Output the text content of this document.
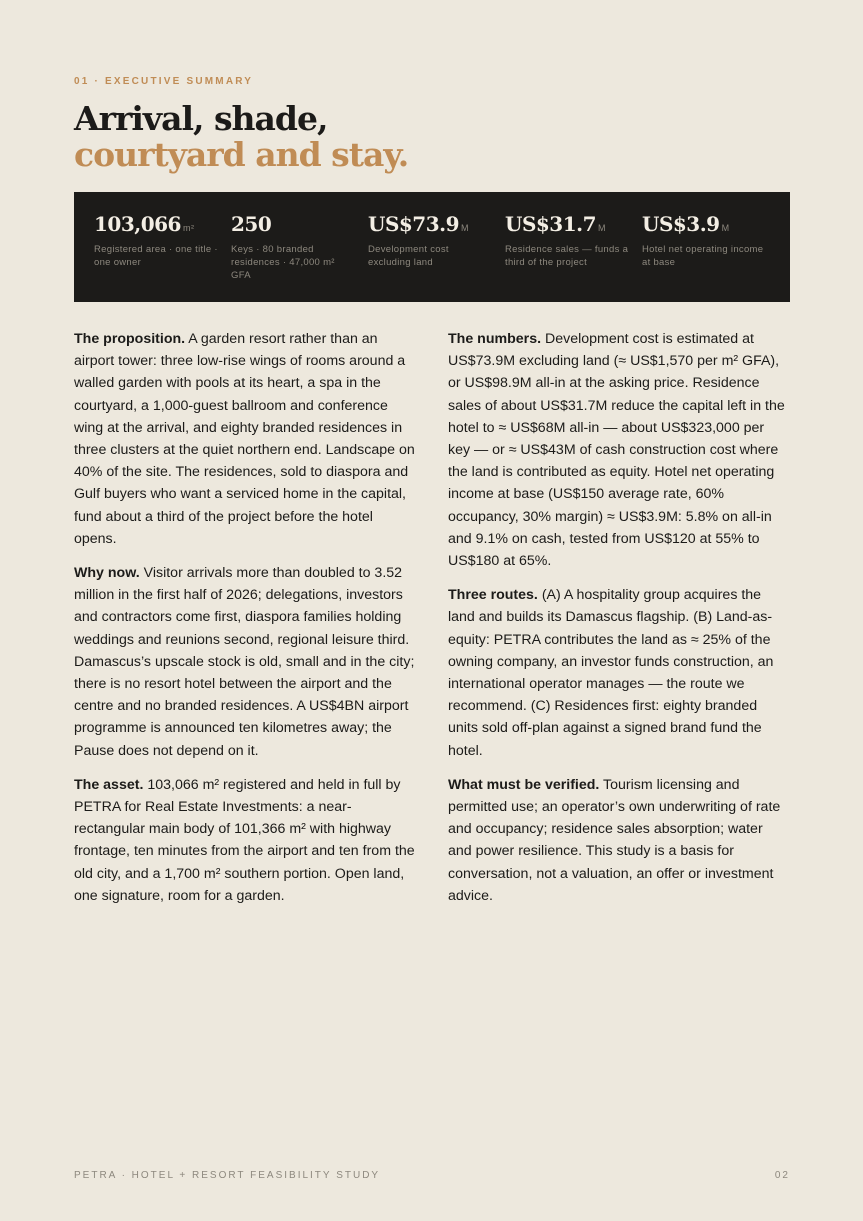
01 · EXECUTIVE SUMMARY
Arrival, shade,
courtyard and stay.
103,066 m²
Registered area · one title · one owner
250
Keys · 80 branded residences · 47,000 m² GFA
US$73.9 M
Development cost excluding land
US$31.7 M
Residence sales — funds a third of the project
US$3.9 M
Hotel net operating income at base

The proposition. A garden resort rather than an airport tower: three low-rise wings of rooms around a walled garden with pools at its heart, a spa in the courtyard, a 1,000-guest ballroom and conference wing at the arrival, and eighty branded residences in three clusters at the quiet northern end. Landscape on 40% of the site. The residences, sold to diaspora and Gulf buyers who want a serviced home in the capital, fund about a third of the project before the hotel opens.

Why now. Visitor arrivals more than doubled to 3.52 million in the first half of 2026; delegations, investors and contractors come first, diaspora families holding weddings and reunions second, regional leisure third. Damascus’s upscale stock is old, small and in the city; there is no resort hotel between the airport and the centre and no branded residences. A US$4BN airport programme is announced ten kilometres away; the Pause does not depend on it.

The asset. 103,066 m² registered and held in full by PETRA for Real Estate Investments: a near-rectangular main body of 101,366 m² with highway frontage, ten minutes from the airport and ten from the old city, and a 1,700 m² southern portion. Open land, one signature, room for a garden.

The numbers. Development cost is estimated at US$73.9M excluding land (≈ US$1,570 per m² GFA), or US$98.9M all-in at the asking price. Residence sales of about US$31.7M reduce the capital left in the hotel to ≈ US$68M all-in — about US$323,000 per key — or ≈ US$43M of cash construction cost where the land is contributed as equity. Hotel net operating income at base (US$150 average rate, 60% occupancy, 30% margin) ≈ US$3.9M: 5.8% on all-in and 9.1% on cash, tested from US$120 at 55% to US$180 at 65%.

Three routes. (A) A hospitality group acquires the land and builds its Damascus flagship. (B) Land-as-equity: PETRA contributes the land as ≈ 25% of the owning company, an investor funds construction, an international operator manages — the route we recommend. (C) Residences first: eighty branded units sold off-plan against a signed brand fund the hotel.

What must be verified. Tourism licensing and permitted use; an operator’s own underwriting of rate and occupancy; residence sales absorption; water and power resilience. This study is a basis for conversation, not a valuation, an offer or investment advice.

PETRA · HOTEL + RESORT FEASIBILITY STUDY	02
